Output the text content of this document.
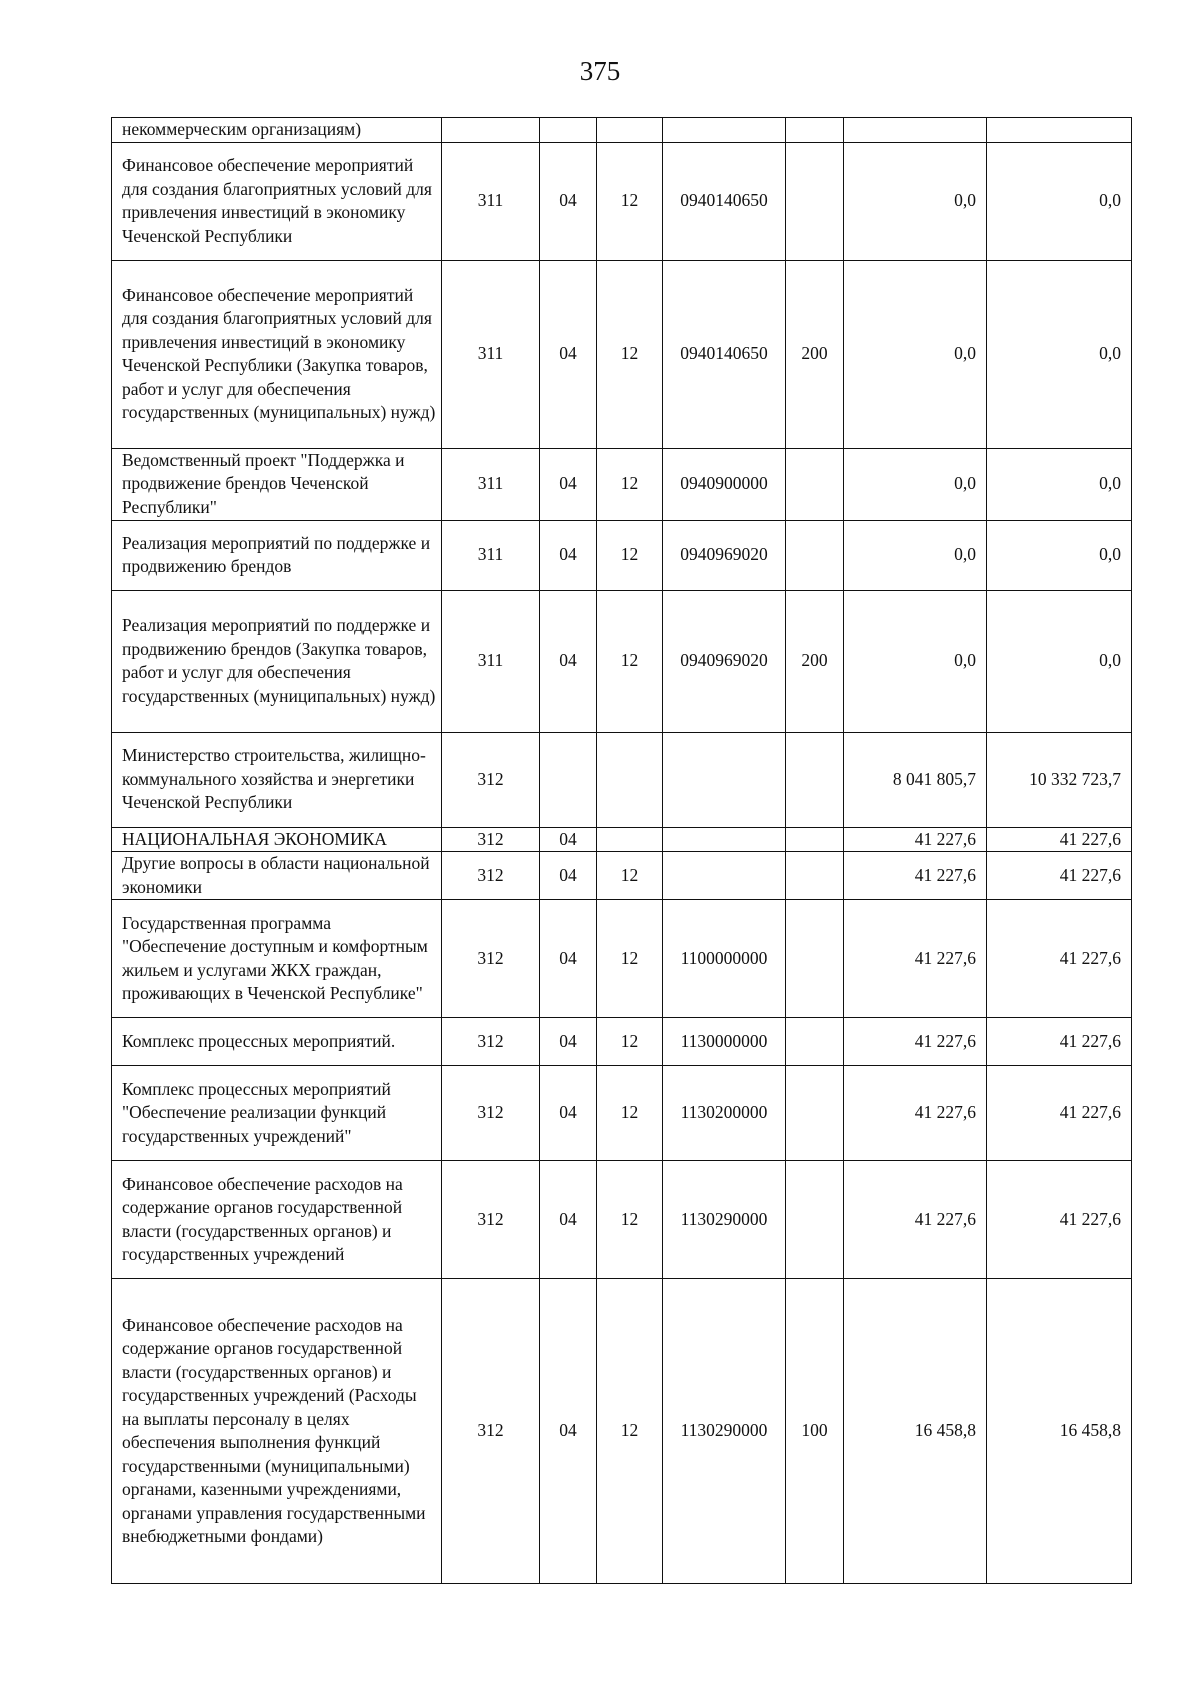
375
некоммерческим организациям)							
Финансовое обеспечение мероприятий для создания благоприятных условий для привлечения инвестиций в экономику Чеченской Республики	311	04	12	0940140650		0,0	0,0
Финансовое обеспечение мероприятий для создания благоприятных условий для привлечения инвестиций в экономику Чеченской Республики (Закупка товаров, работ и услуг для обеспечения государственных (муниципальных) нужд)	311	04	12	0940140650	200	0,0	0,0
Ведомственный проект "Поддержка и продвижение брендов Чеченской Республики"	311	04	12	0940900000		0,0	0,0
Реализация мероприятий по поддержке и продвижению брендов	311	04	12	0940969020		0,0	0,0
Реализация мероприятий по поддержке и продвижению брендов (Закупка товаров, работ и услуг для обеспечения государственных (муниципальных) нужд)	311	04	12	0940969020	200	0,0	0,0
Министерство строительства, жилищно-коммунального хозяйства и энергетики Чеченской Республики	312					8 041 805,7	10 332 723,7
НАЦИОНАЛЬНАЯ ЭКОНОМИКА	312	04				41 227,6	41 227,6
Другие вопросы в области национальной экономики	312	04	12			41 227,6	41 227,6
Государственная программа "Обеспечение доступным и комфортным жильем и услугами ЖКХ граждан, проживающих в Чеченской Республике"	312	04	12	1100000000		41 227,6	41 227,6
Комплекс процессных мероприятий.	312	04	12	1130000000		41 227,6	41 227,6
Комплекс процессных мероприятий "Обеспечение реализации функций государственных учреждений"	312	04	12	1130200000		41 227,6	41 227,6
Финансовое обеспечение расходов на содержание органов государственной власти (государственных органов) и государственных учреждений	312	04	12	1130290000		41 227,6	41 227,6
Финансовое обеспечение расходов на содержание органов государственной власти (государственных органов) и государственных учреждений (Расходы на выплаты персоналу в целях обеспечения выполнения функций государственными (муниципальными) органами, казенными учреждениями, органами управления государственными внебюджетными фондами)	312	04	12	1130290000	100	16 458,8	16 458,8
